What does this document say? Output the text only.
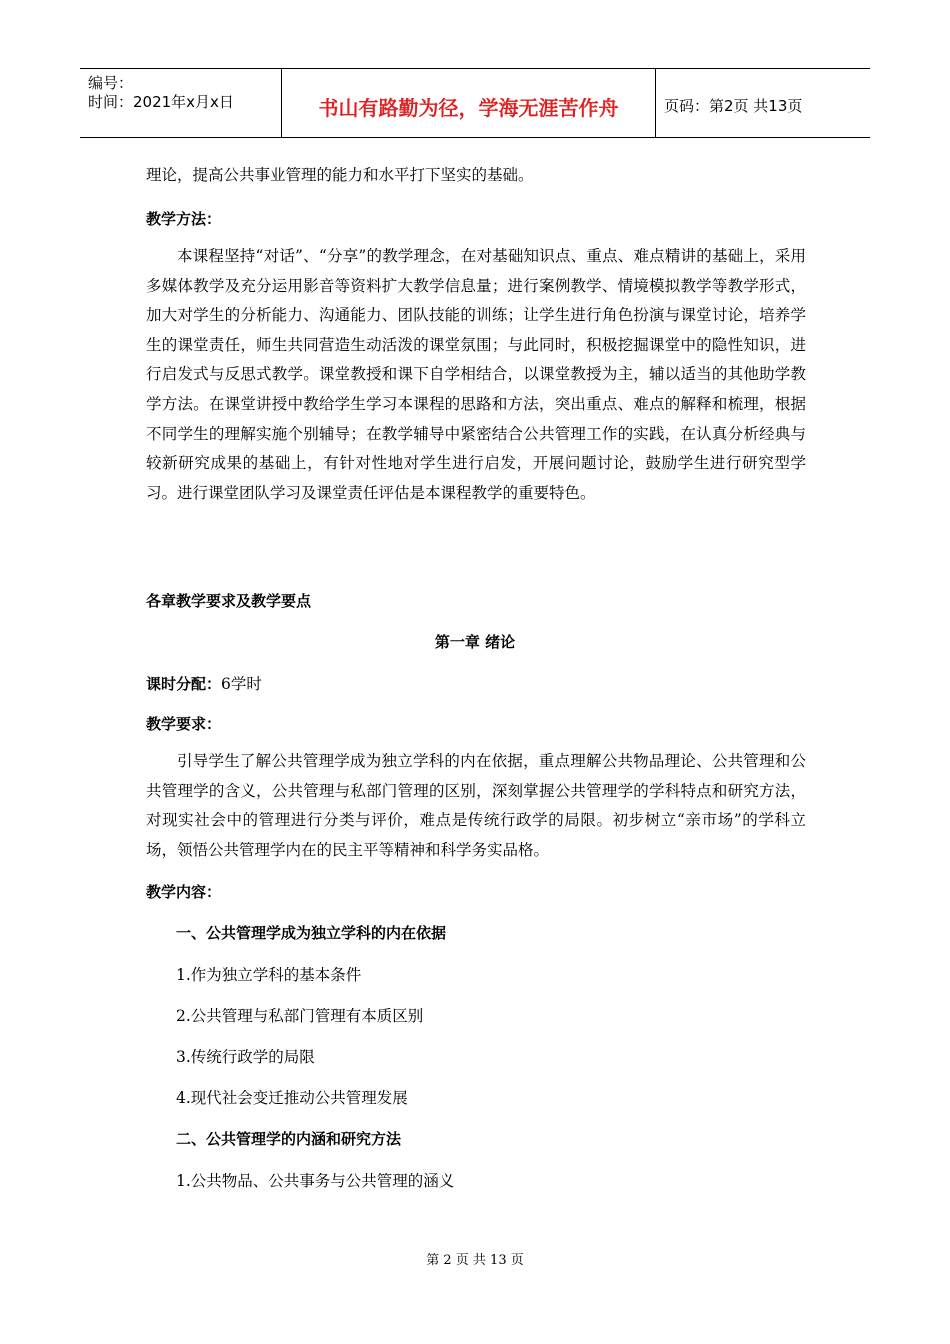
编号：
时间：2021年x月x日	书山有路勤为径，学海无涯苦作舟	页码：第2页 共13页
理论，提高公共事业管理的能力和水平打下坚实的基础。
教学方法：
本课程坚持“对话”、“分享”的教学理念，在对基础知识点、重点、难点精讲的基础上，采用多媒体教学及充分运用影音等资料扩大教学信息量；进行案例教学、情境模拟教学等教学形式，加大对学生的分析能力、沟通能力、团队技能的训练；让学生进行角色扮演与课堂讨论，培养学生的课堂责任，师生共同营造生动活泼的课堂氛围；与此同时，积极挖掘课堂中的隐性知识，进行启发式与反思式教学。课堂教授和课下自学相结合，以课堂教授为主，辅以适当的其他助学教学方法。在课堂讲授中教给学生学习本课程的思路和方法，突出重点、难点的解释和梳理，根据不同学生的理解实施个别辅导；在教学辅导中紧密结合公共管理工作的实践，在认真分析经典与较新研究成果的基础上，有针对性地对学生进行启发，开展问题讨论，鼓励学生进行研究型学习。进行课堂团队学习及课堂责任评估是本课程教学的重要特色。
各章教学要求及教学要点
第一章 绪论
课时分配：6学时
教学要求：
引导学生了解公共管理学成为独立学科的内在依据，重点理解公共物品理论、公共管理和公共管理学的含义，公共管理与私部门管理的区别，深刻掌握公共管理学的学科特点和研究方法，对现实社会中的管理进行分类与评价，难点是传统行政学的局限。初步树立“亲市场”的学科立场，领悟公共管理学内在的民主平等精神和科学务实品格。
教学内容：
一、公共管理学成为独立学科的内在依据
1.作为独立学科的基本条件
2.公共管理与私部门管理有本质区别
3.传统行政学的局限
4.现代社会变迁推动公共管理发展
二、公共管理学的内涵和研究方法
1.公共物品、公共事务与公共管理的涵义
第 2 页 共 13 页
